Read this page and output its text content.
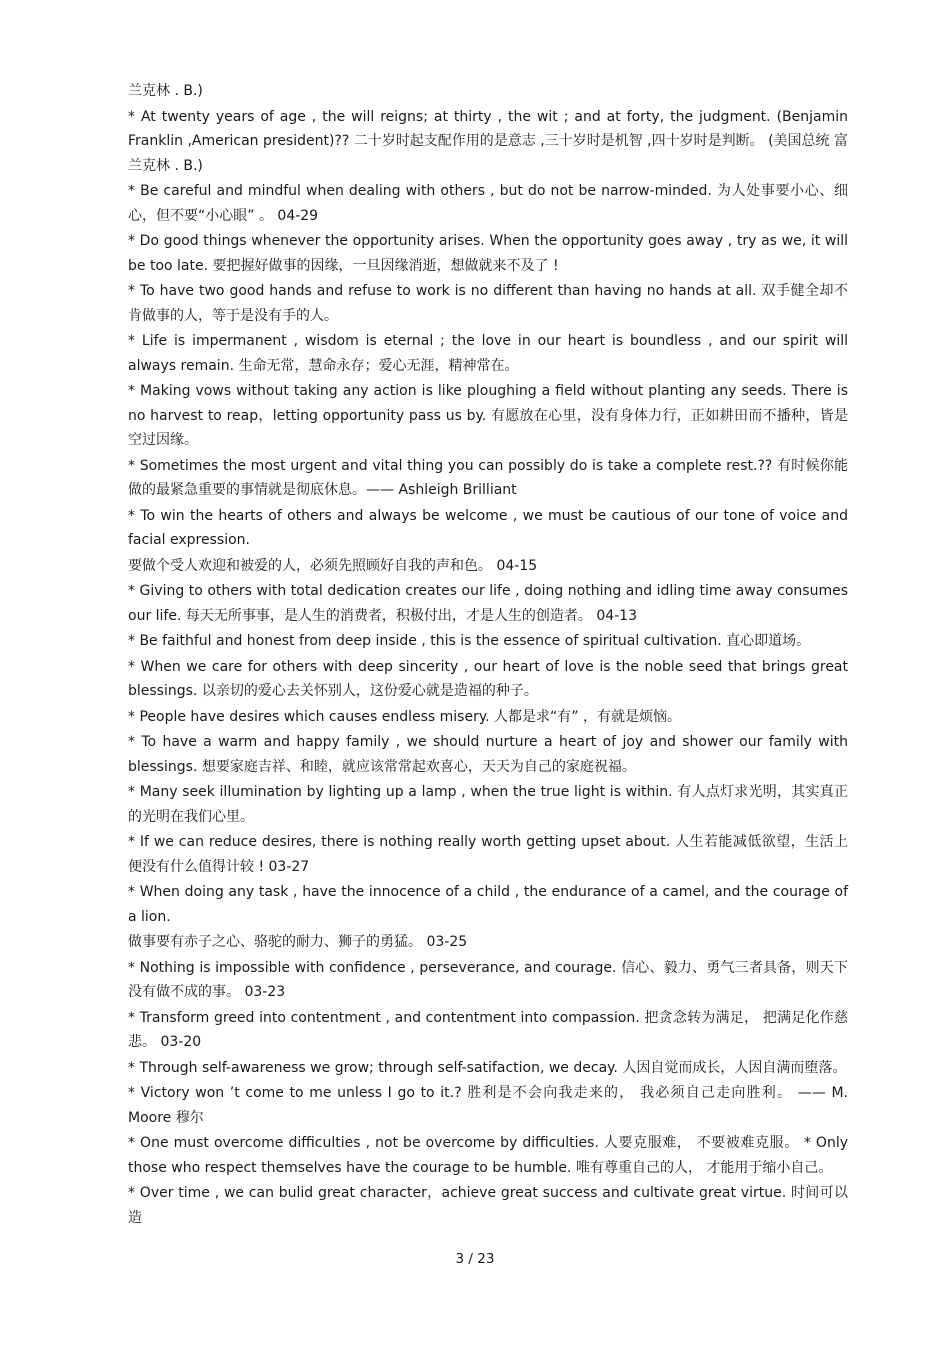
兰克林 . B.)

* At twenty years of age , the will reigns; at thirty , the wit ; and at forty, the judgment. (Benjamin Franklin ,American president)?? 二十岁时起支配作用的是意志 ,三十岁时是机智 ,四十岁时是判断。 (美国总统 富兰克林 . B.)

* Be careful and mindful when dealing with others , but do not be narrow-minded. 为人处事要小心、细心，但不要“小心眼” 。 04-29

* Do good things whenever the opportunity arises. When the opportunity goes away , try as we, it will be too late. 要把握好做事的因缘，一旦因缘消逝，想做就来不及了 !

* To have two good hands and refuse to work is no different than having no hands at all. 双手健全却不肯做事的人，等于是没有手的人。

* Life is impermanent , wisdom is eternal ; the love in our heart is boundless , and our spirit will always remain. 生命无常，慧命永存；爱心无涯，精神常在。

* Making vows without taking any action is like ploughing a field without planting any seeds. There is no harvest to reap，letting opportunity pass us by. 有愿放在心里，没有身体力行，正如耕田而不播种，皆是空过因缘。

* Sometimes the most urgent and vital thing you can possibly do is take a complete rest.?? 有时候你能做的最紧急重要的事情就是彻底休息。—— Ashleigh Brilliant

* To win the hearts of others and always be welcome , we must be cautious of our tone of voice and facial expression.

要做个受人欢迎和被爱的人，必须先照顾好自我的声和色。 04-15

* Giving to others with total dedication creates our life , doing nothing and idling time away consumes our life. 每天无所事事，是人生的消费者，积极付出，才是人生的创造者。 04-13

* Be faithful and honest from deep inside , this is the essence of spiritual cultivation. 直心即道场。

* When we care for others with deep sincerity , our heart of love is the noble seed that brings great blessings. 以亲切的爱心去关怀别人，这份爱心就是造福的种子。

* People have desires which causes endless misery. 人都是求“有” ，有就是烦恼。

* To have a warm and happy family , we should nurture a heart of joy and shower our family with blessings. 想要家庭吉祥、和睦，就应该常常起欢喜心，天天为自己的家庭祝福。

* Many seek illumination by lighting up a lamp , when the true light is within. 有人点灯求光明，其实真正的光明在我们心里。

* If we can reduce desires, there is nothing really worth getting upset about. 人生若能减低欲望，生活上便没有什么值得计较 ! 03-27

* When doing any task , have the innocence of a child , the endurance of a camel, and the courage of a lion.

做事要有赤子之心、骆驼的耐力、狮子的勇猛。 03-25

* Nothing is impossible with confidence , perseverance, and courage. 信心、毅力、勇气三者具备，则天下没有做不成的事。 03-23

* Transform greed into contentment , and contentment into compassion. 把贪念转为满足， 把满足化作慈悲。 03-20

* Through self-awareness we grow; through self-satifaction, we decay. 人因自觉而成长，人因自满而堕落。

* Victory won ’t come to me unless I go to it.? 胜利是不会向我走来的， 我必须自己走向胜利。 —— M. Moore 穆尔

* One must overcome difficulties , not be overcome by difficulties. 人要克服难， 不要被难克服。 * Only those who respect themselves have the courage to be humble. 唯有尊重自己的人， 才能用于缩小自己。

* Over time , we can bulid great character，achieve great success and cultivate great virtue. 时间可以造

3 / 23
